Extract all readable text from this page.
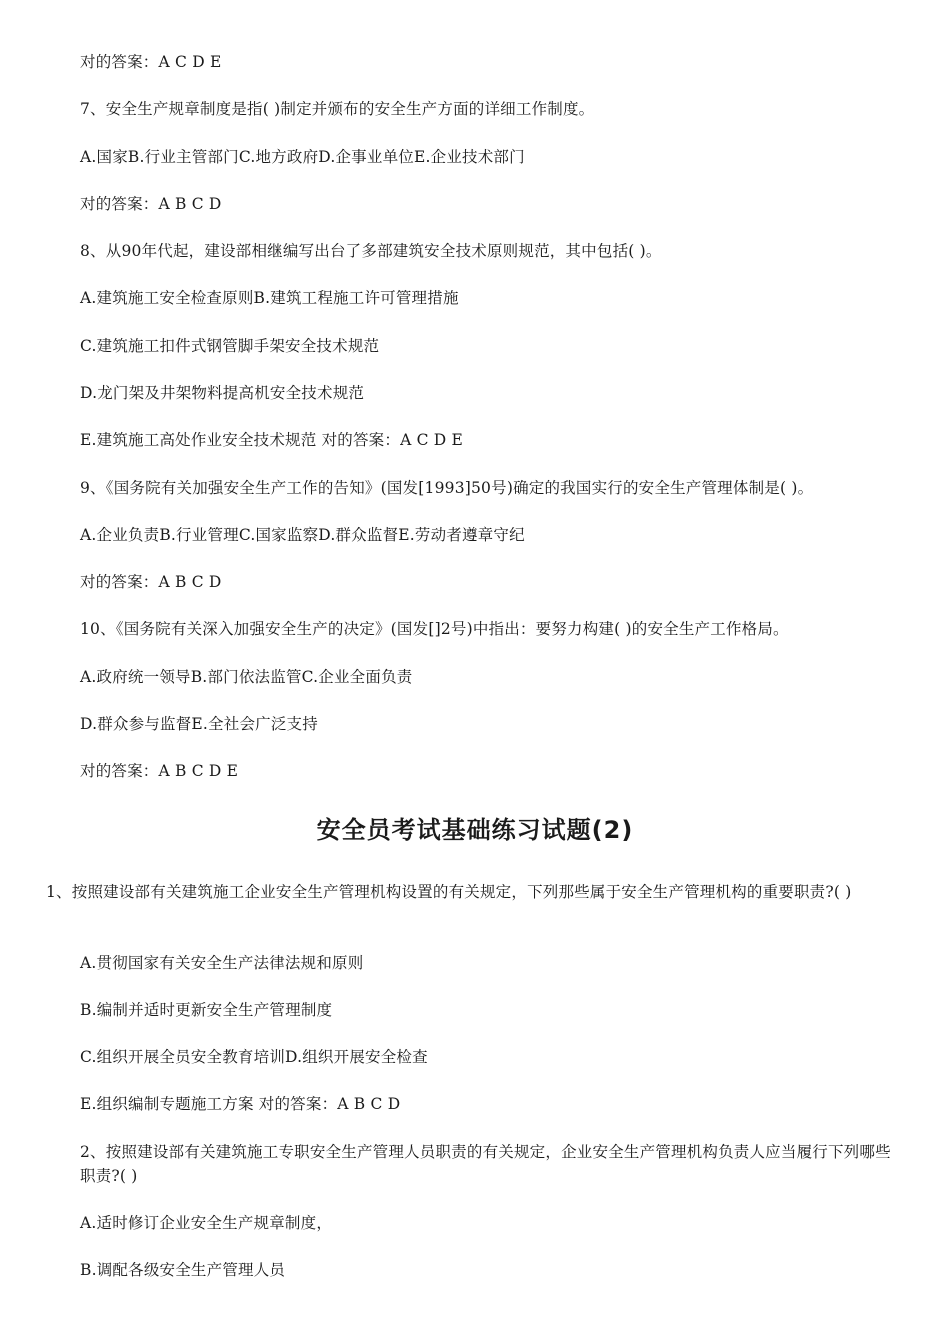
对的答案：A C D E
7、安全生产规章制度是指( )制定并颁布的安全生产方面的详细工作制度。
A.国家B.行业主管部门C.地方政府D.企事业单位E.企业技术部门
对的答案：A B C D
8、从90年代起，建设部相继编写出台了多部建筑安全技术原则规范，其中包括( )。
A.建筑施工安全检查原则B.建筑工程施工许可管理措施
C.建筑施工扣件式钢管脚手架安全技术规范
D.龙门架及井架物料提高机安全技术规范
E.建筑施工高处作业安全技术规范 对的答案：A C D E
9、《国务院有关加强安全生产工作的告知》(国发[1993]50号)确定的我国实行的安全生产管理体制是( )。
A.企业负责B.行业管理C.国家监察D.群众监督E.劳动者遵章守纪
对的答案：A B C D
10、《国务院有关深入加强安全生产的决定》(国发[]2号)中指出：要努力构建( )的安全生产工作格局。
A.政府统一领导B.部门依法监管C.企业全面负责
D.群众参与监督E.全社会广泛支持
对的答案：A B C D E
安全员考试基础练习试题(2)
1、按照建设部有关建筑施工企业安全生产管理机构设置的有关规定，下列那些属于安全生产管理机构的重要职责?( )
A.贯彻国家有关安全生产法律法规和原则
B.编制并适时更新安全生产管理制度
C.组织开展全员安全教育培训D.组织开展安全检查
E.组织编制专题施工方案 对的答案：A B C D
2、按照建设部有关建筑施工专职安全生产管理人员职责的有关规定，企业安全生产管理机构负责人应当履行下列哪些职责?( )
A.适时修订企业安全生产规章制度，
B.调配各级安全生产管理人员
